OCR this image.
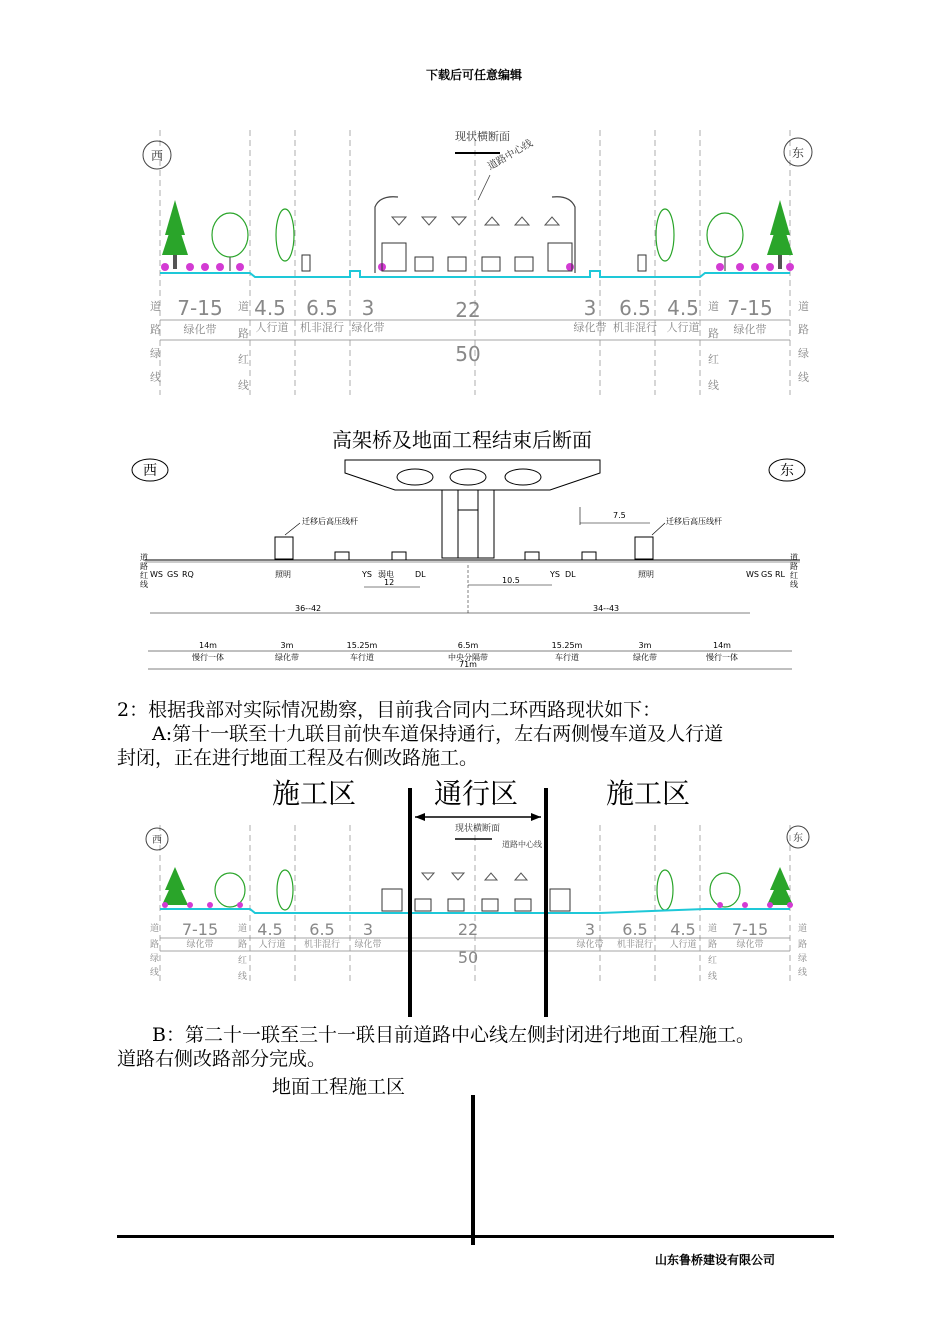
下载后可任意编辑
西	东
现状横断面
道路中心线
7-15 4.5 6.5 3	22	3 6.5 4.5 7-15
50
绿化带	人行道 机非混行 绿化带	绿化带 机非混行 人行道	绿化带
道
路
绿
线
道
路
红
线
道
路
红
线
道
路
绿
线
高架桥及地面工程结束后断面
西	东
迁移后高压线杆	迁移后高压线杆
7.5
道
路
红
线
道
路
红
线
WS GS RQ	照明	YS 弱电	DL	YS DL	照明	WS GS RL
12	10.5
36--42	34--43
14m	3m	15.25m	6.5m	15.25m	3m	14m
慢行一体	绿化带	车行道	中央分隔带	车行道	绿化带	慢行一体
71m
2：根据我部对实际情况勘察，目前我合同内二环西路现状如下：
A:第十一联至十九联目前快车道保持通行，左右两侧慢车道及人行道
封闭，正在进行地面工程及右侧改路施工。
施工区	通行区	施工区
西	东
现状横断面
道路中心线
7-15 4.5 6.5 3	22	3 6.5 4.5 7-15
50
绿化带	人行道 机非混行 绿化带	绿化带 机非混行 人行道	绿化带
道
路
绿
线
道
路
红
线
道
路
红
线
道
路
绿
线
B：第二十一联至三十一联目前道路中心线左侧封闭进行地面工程施工。
道路右侧改路部分完成。
地面工程施工区
山东鲁桥建设有限公司
